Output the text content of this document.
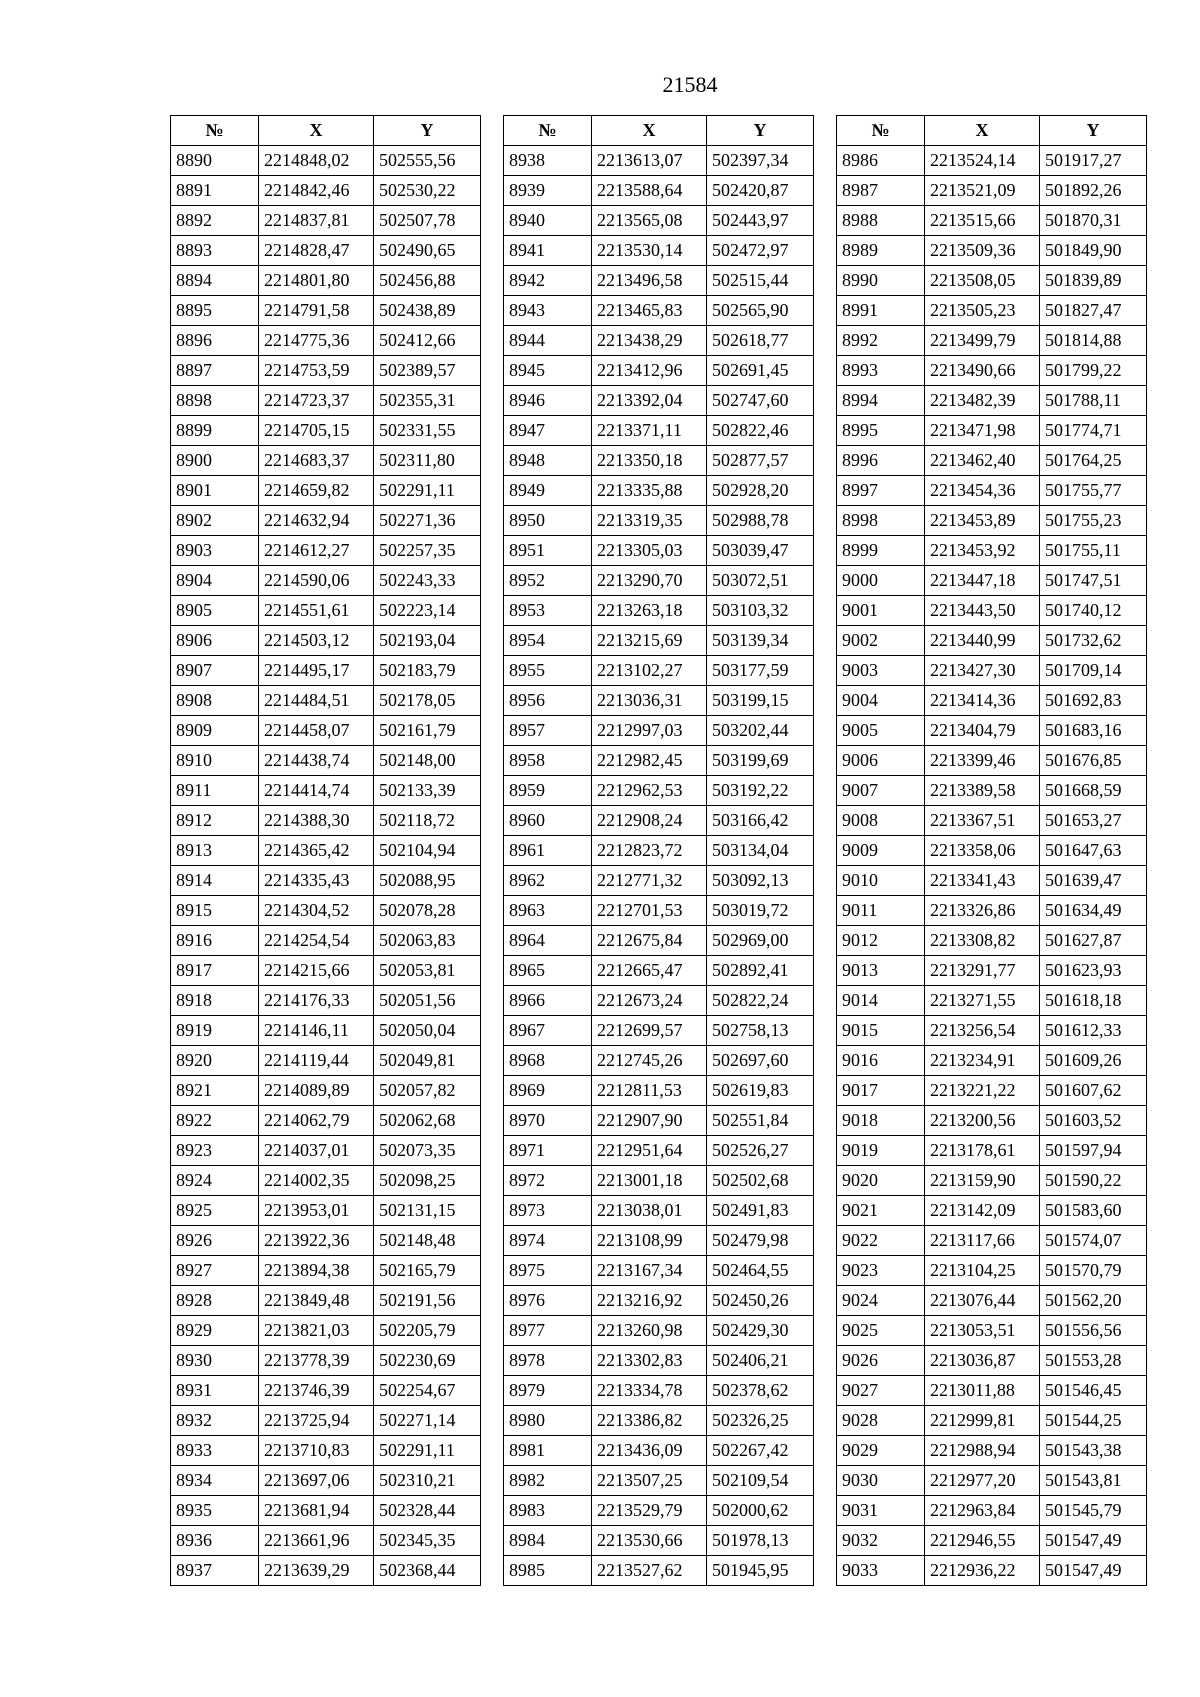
21584
№	X	Y
8890	2214848,02	502555,56
8891	2214842,46	502530,22
8892	2214837,81	502507,78
8893	2214828,47	502490,65
8894	2214801,80	502456,88
8895	2214791,58	502438,89
8896	2214775,36	502412,66
8897	2214753,59	502389,57
8898	2214723,37	502355,31
8899	2214705,15	502331,55
8900	2214683,37	502311,80
8901	2214659,82	502291,11
8902	2214632,94	502271,36
8903	2214612,27	502257,35
8904	2214590,06	502243,33
8905	2214551,61	502223,14
8906	2214503,12	502193,04
8907	2214495,17	502183,79
8908	2214484,51	502178,05
8909	2214458,07	502161,79
8910	2214438,74	502148,00
8911	2214414,74	502133,39
8912	2214388,30	502118,72
8913	2214365,42	502104,94
8914	2214335,43	502088,95
8915	2214304,52	502078,28
8916	2214254,54	502063,83
8917	2214215,66	502053,81
8918	2214176,33	502051,56
8919	2214146,11	502050,04
8920	2214119,44	502049,81
8921	2214089,89	502057,82
8922	2214062,79	502062,68
8923	2214037,01	502073,35
8924	2214002,35	502098,25
8925	2213953,01	502131,15
8926	2213922,36	502148,48
8927	2213894,38	502165,79
8928	2213849,48	502191,56
8929	2213821,03	502205,79
8930	2213778,39	502230,69
8931	2213746,39	502254,67
8932	2213725,94	502271,14
8933	2213710,83	502291,11
8934	2213697,06	502310,21
8935	2213681,94	502328,44
8936	2213661,96	502345,35
8937	2213639,29	502368,44
№	X	Y
8938	2213613,07	502397,34
8939	2213588,64	502420,87
8940	2213565,08	502443,97
8941	2213530,14	502472,97
8942	2213496,58	502515,44
8943	2213465,83	502565,90
8944	2213438,29	502618,77
8945	2213412,96	502691,45
8946	2213392,04	502747,60
8947	2213371,11	502822,46
8948	2213350,18	502877,57
8949	2213335,88	502928,20
8950	2213319,35	502988,78
8951	2213305,03	503039,47
8952	2213290,70	503072,51
8953	2213263,18	503103,32
8954	2213215,69	503139,34
8955	2213102,27	503177,59
8956	2213036,31	503199,15
8957	2212997,03	503202,44
8958	2212982,45	503199,69
8959	2212962,53	503192,22
8960	2212908,24	503166,42
8961	2212823,72	503134,04
8962	2212771,32	503092,13
8963	2212701,53	503019,72
8964	2212675,84	502969,00
8965	2212665,47	502892,41
8966	2212673,24	502822,24
8967	2212699,57	502758,13
8968	2212745,26	502697,60
8969	2212811,53	502619,83
8970	2212907,90	502551,84
8971	2212951,64	502526,27
8972	2213001,18	502502,68
8973	2213038,01	502491,83
8974	2213108,99	502479,98
8975	2213167,34	502464,55
8976	2213216,92	502450,26
8977	2213260,98	502429,30
8978	2213302,83	502406,21
8979	2213334,78	502378,62
8980	2213386,82	502326,25
8981	2213436,09	502267,42
8982	2213507,25	502109,54
8983	2213529,79	502000,62
8984	2213530,66	501978,13
8985	2213527,62	501945,95
№	X	Y
8986	2213524,14	501917,27
8987	2213521,09	501892,26
8988	2213515,66	501870,31
8989	2213509,36	501849,90
8990	2213508,05	501839,89
8991	2213505,23	501827,47
8992	2213499,79	501814,88
8993	2213490,66	501799,22
8994	2213482,39	501788,11
8995	2213471,98	501774,71
8996	2213462,40	501764,25
8997	2213454,36	501755,77
8998	2213453,89	501755,23
8999	2213453,92	501755,11
9000	2213447,18	501747,51
9001	2213443,50	501740,12
9002	2213440,99	501732,62
9003	2213427,30	501709,14
9004	2213414,36	501692,83
9005	2213404,79	501683,16
9006	2213399,46	501676,85
9007	2213389,58	501668,59
9008	2213367,51	501653,27
9009	2213358,06	501647,63
9010	2213341,43	501639,47
9011	2213326,86	501634,49
9012	2213308,82	501627,87
9013	2213291,77	501623,93
9014	2213271,55	501618,18
9015	2213256,54	501612,33
9016	2213234,91	501609,26
9017	2213221,22	501607,62
9018	2213200,56	501603,52
9019	2213178,61	501597,94
9020	2213159,90	501590,22
9021	2213142,09	501583,60
9022	2213117,66	501574,07
9023	2213104,25	501570,79
9024	2213076,44	501562,20
9025	2213053,51	501556,56
9026	2213036,87	501553,28
9027	2213011,88	501546,45
9028	2212999,81	501544,25
9029	2212988,94	501543,38
9030	2212977,20	501543,81
9031	2212963,84	501545,79
9032	2212946,55	501547,49
9033	2212936,22	501547,49
